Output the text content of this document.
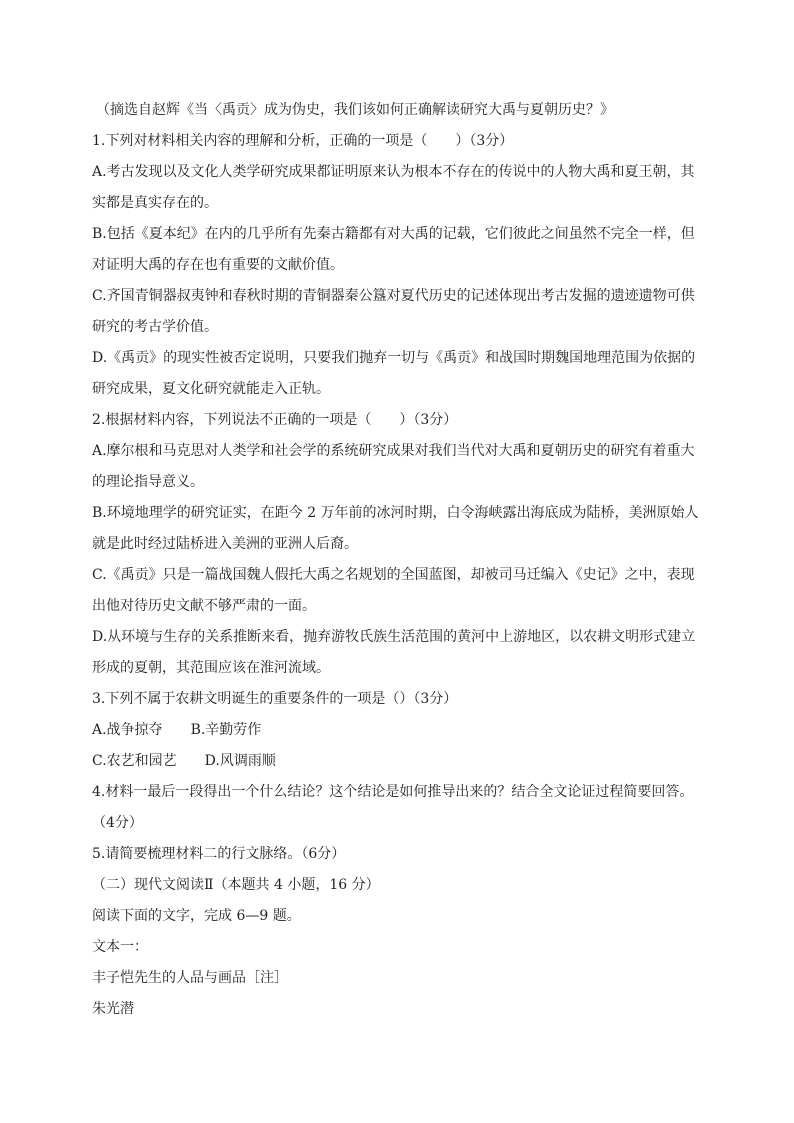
（摘选自赵辉《当〈禹贡〉成为伪史，我们该如何正确解读研究大禹与夏朝历史？》
1.下列对材料相关内容的理解和分析，正确的一项是（　　）（3分）
A.考古发现以及文化人类学研究成果都证明原来认为根本不存在的传说中的人物大禹和夏王朝，其
实都是真实存在的。
B.包括《夏本纪》在内的几乎所有先秦古籍都有对大禹的记载，它们彼此之间虽然不完全一样，但
对证明大禹的存在也有重要的文献价值。
C.齐国青铜器叔夷钟和春秋时期的青铜器秦公簋对夏代历史的记述体现出考古发掘的遗迹遗物可供
研究的考古学价值。
D.《禹贡》的现实性被否定说明，只要我们抛弃一切与《禹贡》和战国时期魏国地理范围为依据的
研究成果，夏文化研究就能走入正轨。
2.根据材料内容，下列说法不正确的一项是（　　）（3分）
A.摩尔根和马克思对人类学和社会学的系统研究成果对我们当代对大禹和夏朝历史的研究有着重大
的理论指导意义。
B.环境地理学的研究证实，在距今 2 万年前的冰河时期，白令海峡露出海底成为陆桥，美洲原始人
就是此时经过陆桥进入美洲的亚洲人后裔。
C.《禹贡》只是一篇战国魏人假托大禹之名规划的全国蓝图，却被司马迁编入《史记》之中，表现
出他对待历史文献不够严肃的一面。
D.从环境与生存的关系推断来看，抛弃游牧氏族生活范围的黄河中上游地区，以农耕文明形式建立
形成的夏朝，其范围应该在淮河流域。
3.下列不属于农耕文明诞生的重要条件的一项是（）（3分）
A.战争掠夺 B.辛勤劳作
C.农艺和园艺 D.风调雨顺
4.材料一最后一段得出一个什么结论？这个结论是如何推导出来的？结合全文论证过程简要回答。
（4分）
5.请简要梳理材料二的行文脉络。（6分）
（二）现代文阅读Ⅱ（本题共 4 小题，16 分）
阅读下面的文字，完成 6—9 题。
文本一：
丰子恺先生的人品与画品［注］
朱光潜
